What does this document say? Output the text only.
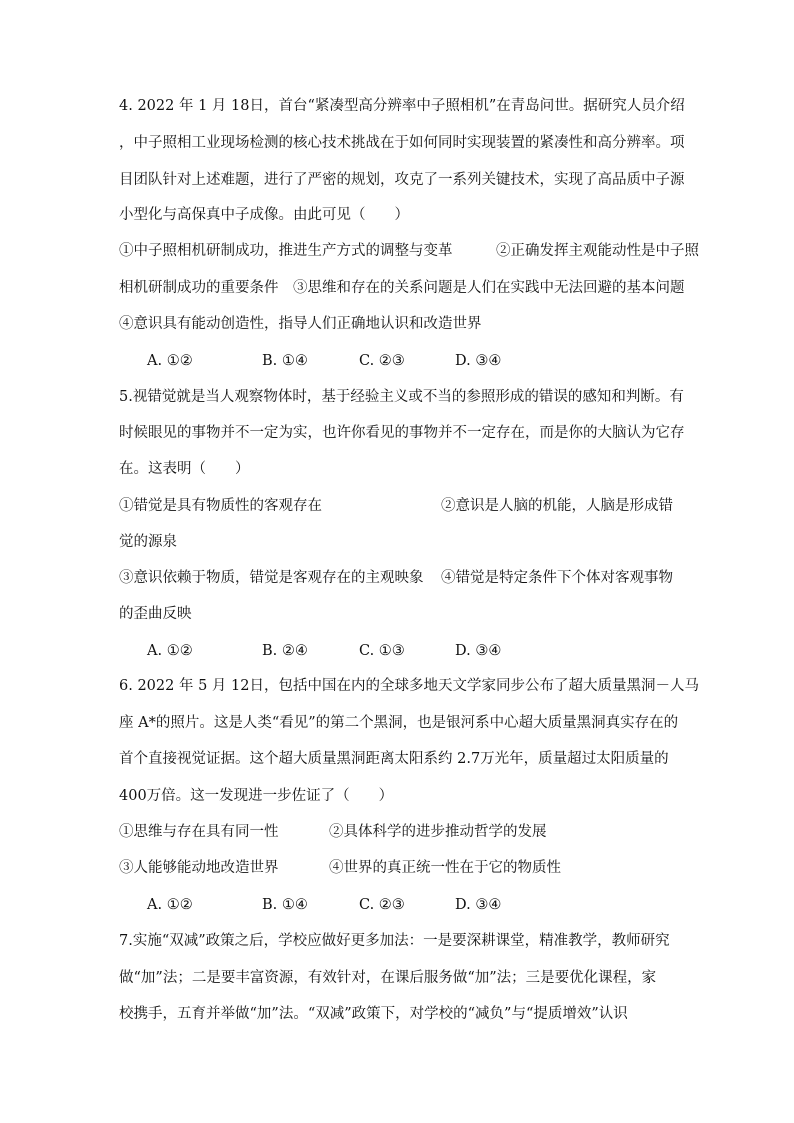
4. 2022 年 1 月 18日，首台“紧凑型高分辨率中子照相机”在青岛问世。据研究人员介绍
，中子照相工业现场检测的核心技术挑战在于如何同时实现装置的紧凑性和高分辨率。项
目团队针对上述难题，进行了严密的规划，攻克了一系列关键技术，实现了高品质中子源
小型化与高保真中子成像。由此可见（　　）
①中子照相机研制成功，推进生产方式的调整与变革　　　②正确发挥主观能动性是中子照
相机研制成功的重要条件　③思维和存在的关系问题是人们在实践中无法回避的基本问题
④意识具有能动创造性，指导人们正确地认识和改造世界
A. ①②	B. ①④	C. ②③	D. ③④
5.视错觉就是当人观察物体时，基于经验主义或不当的参照形成的错误的感知和判断。有
时候眼见的事物并不一定为实，也许你看见的事物并不一定存在，而是你的大脑认为它存
在。这表明（　　）
①错觉是具有物质性的客观存在	②意识是人脑的机能，人脑是形成错
觉的源泉
③意识依赖于物质，错觉是客观存在的主观映象 ④错觉是特定条件下个体对客观事物
的歪曲反映
A. ①②	B. ②④	C. ①③	D. ③④
6. 2022 年 5 月 12日，包括中国在内的全球多地天文学家同步公布了超大质量黑洞－人马
座 A*的照片。这是人类“看见”的第二个黑洞，也是银河系中心超大质量黑洞真实存在的
首个直接视觉证据。这个超大质量黑洞距离太阳系约 2.7万光年，质量超过太阳质量的
400万倍。这一发现进一步佐证了（　　）
①思维与存在具有同一性	②具体科学的进步推动哲学的发展
③人能够能动地改造世界	④世界的真正统一性在于它的物质性
A. ①②	B. ①④	C. ②③	D. ③④
7.实施“双减”政策之后，学校应做好更多加法：一是要深耕课堂，精准教学，教师研究
做“加”法；二是要丰富资源，有效针对，在课后服务做“加”法；三是要优化课程，家
校携手，五育并举做“加”法。“双减”政策下，对学校的“减负”与“提质增效”认识
